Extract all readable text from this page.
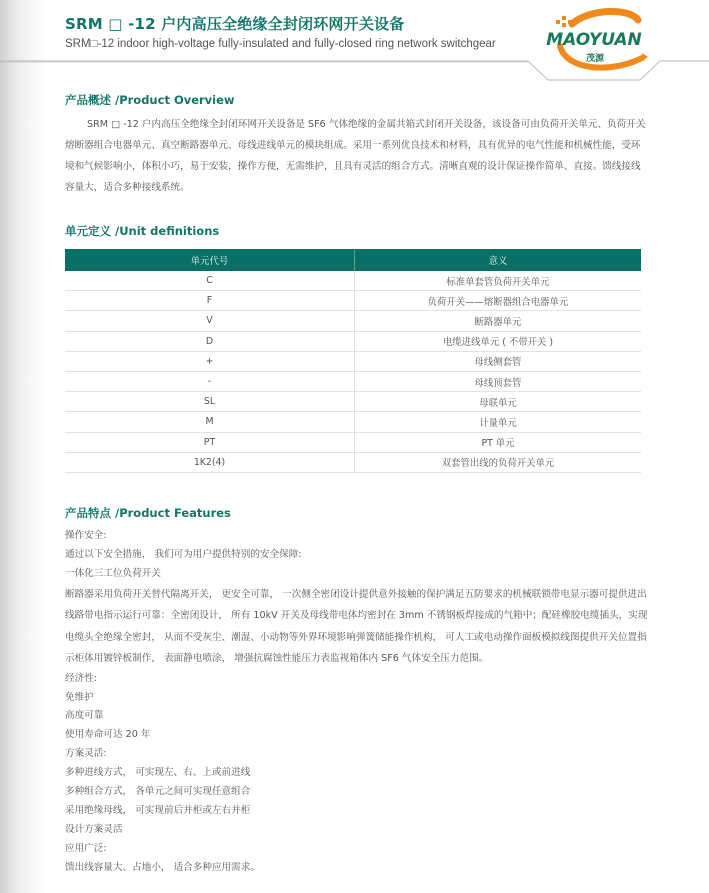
SRM □ -12 户内高压全绝缘全封闭环网开关设备
SRM□-12 indoor high-voltage fully-insulated and fully-closed ring network switchgear	MAOYUAN
茂源
产品概述 /Product Overview
SRM □ -12 户内高压全绝缘全封闭环网开关设备是 SF6 气体绝缘的金属共箱式封闭开关设备，该设备可由负荷开关单元、负荷开关熔断器组合电器单元、真空断路器单元、母线进线单元的模块组成。采用一系列优良技术和材料，具有优异的电气性能和机械性能，受环境和气候影响小，体积小巧，易于安装，操作方便，无需维护，且具有灵活的组合方式。清晰直观的设计保证操作简单、直接。馈线接线容量大，适合多种接线系统。
单元定义 /Unit definitions
单元代号	意义
C	标准单套管负荷开关单元
F	负荷开关——熔断器组合电器单元
V	断路器单元
D	电缆进线单元 ( 不带开关 )
+	母线侧套管
-	母线顶套管
SL	母联单元
M	计量单元
PT	PT 单元
1K2(4)	双套管出线的负荷开关单元
产品特点 /Product Features
操作安全:
通过以下安全措施， 我们可为用户提供特别的安全保障:
一体化三工位负荷开关
断路器采用负荷开关替代隔离开关， 更安全可靠， 一次侧全密闭设计提供意外接触的保护满足五防要求的机械联锁带电显示器可提供进出线路带电指示运行可靠：全密闭设计， 所有 10kV 开关及母线带电体均密封在 3mm 不锈钢板焊接成的气箱中；配硅橡胶电缆插头，实现电缆头全绝缘全密封， 从而不受灰尘、潮湿、小动物等外界环境影响弹簧储能操作机构， 可人工或电动操作面板模拟线图提供开关位置指示柜体用镀锌板制作， 表面静电喷涂， 增强抗腐蚀性能压力表监视箱体内 SF6 气体安全压力范围。
经济性:
免维护
高度可靠
使用寿命可达 20 年
方案灵活:
多种进线方式， 可实现左、右、上或前进线
多种组合方式， 各单元之间可实现任意组合
采用绝缘母线， 可实现前后并柜或左右并柜
设计方案灵活
应用广泛:
馈出线容量大、占地小， 适合多种应用需求。
